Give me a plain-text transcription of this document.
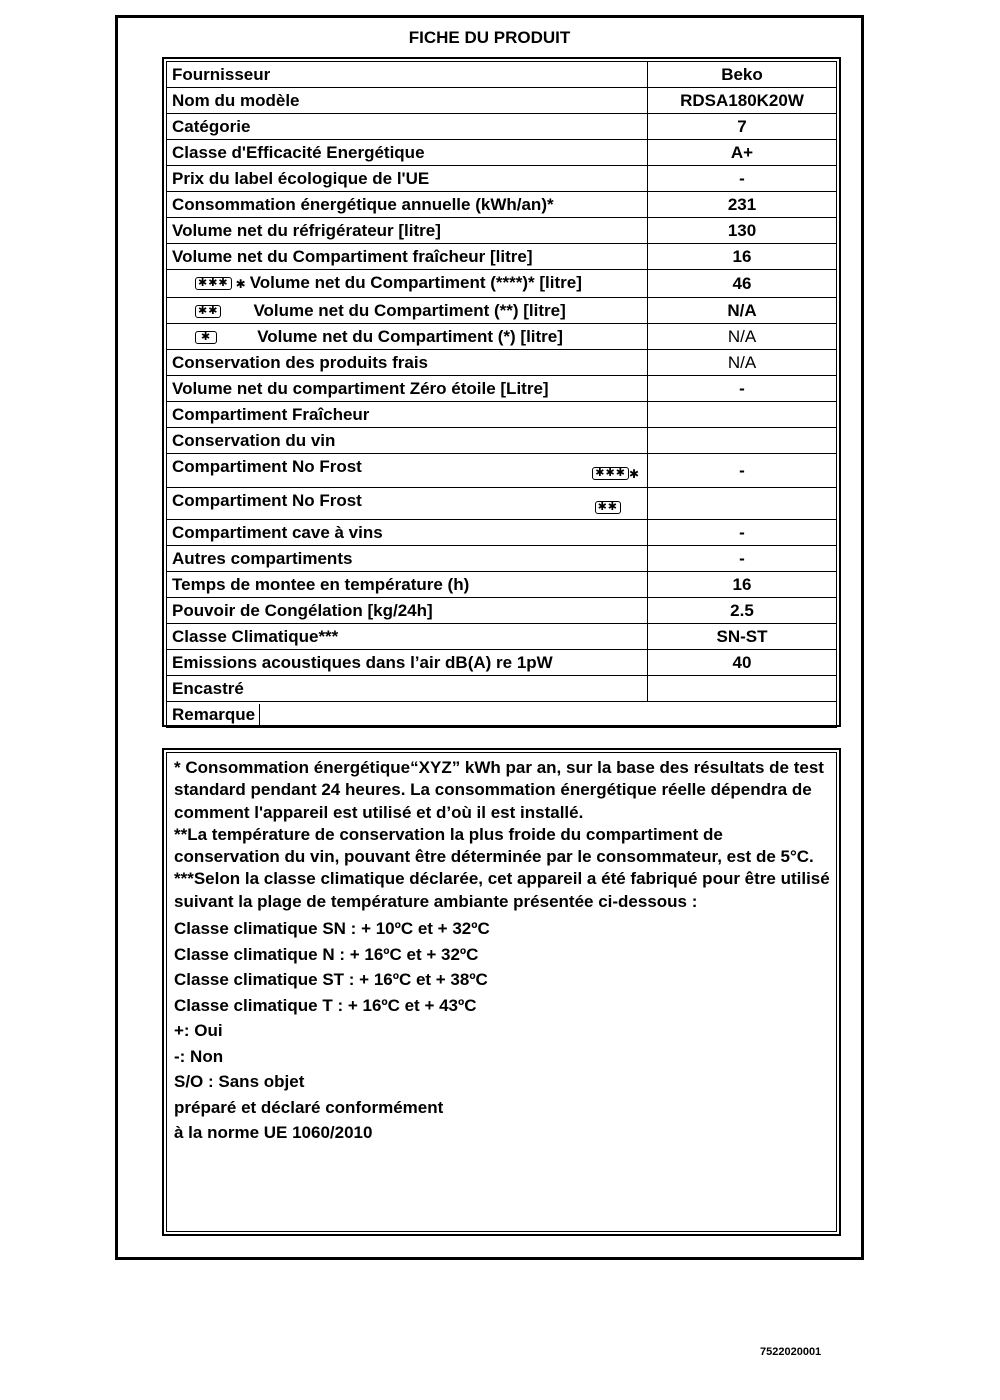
FICHE DU PRODUIT
Fournisseur	Beko
Nom du modèle	RDSA180K20W
Catégorie	7
Classe d'Efficacité Energétique	A+
Prix du label écologique de l'UE	-
Consommation énergétique annuelle (kWh/an)*	231
Volume net du réfrigérateur [litre]	130
Volume net du Compartiment fraîcheur [litre]	16
✱✱✱ ✱ Volume net du Compartiment (****)* [litre]	46
✱✱ Volume net du Compartiment (**) [litre]	N/A
✱ Volume net du Compartiment (*) [litre]	N/A
Conservation des produits frais	N/A
Volume net du compartiment Zéro étoile [Litre]	-
Compartiment Fraîcheur	
Conservation du vin	
Compartiment No Frost ✱✱✱ ✱	-
Compartiment No Frost ✱✱	

Compartiment cave à vins	-
Autres compartiments	-
Temps de montee en température (h)	16
Pouvoir de Congélation [kg/24h]	2.5
Classe Climatique***	SN-ST
Emissions acoustiques dans l’air dB(A) re 1pW	40
Encastré	
Remarque	

* Consommation énergétique“XYZ” kWh par an, sur la base des résultats de test standard pendant 24 heures. La consommation énergétique réelle dépendra de comment l'appareil est utilisé et d’où il est installé.

**La température de conservation la plus froide du compartiment de conservation du vin, pouvant être déterminée par le consommateur, est de 5°C.

***Selon la classe climatique déclarée, cet appareil a été fabriqué pour être utilisé suivant la plage de température ambiante présentée ci-dessous :

Classe climatique SN : + 10ºC et + 32ºC

Classe climatique N : + 16ºC et + 32ºC

Classe climatique ST : + 16ºC et + 38ºC

Classe climatique T : + 16ºC et + 43ºC

+: Oui

-: Non

S/O : Sans objet

préparé et déclaré conformément

à la norme UE 1060/2010

7522020001
